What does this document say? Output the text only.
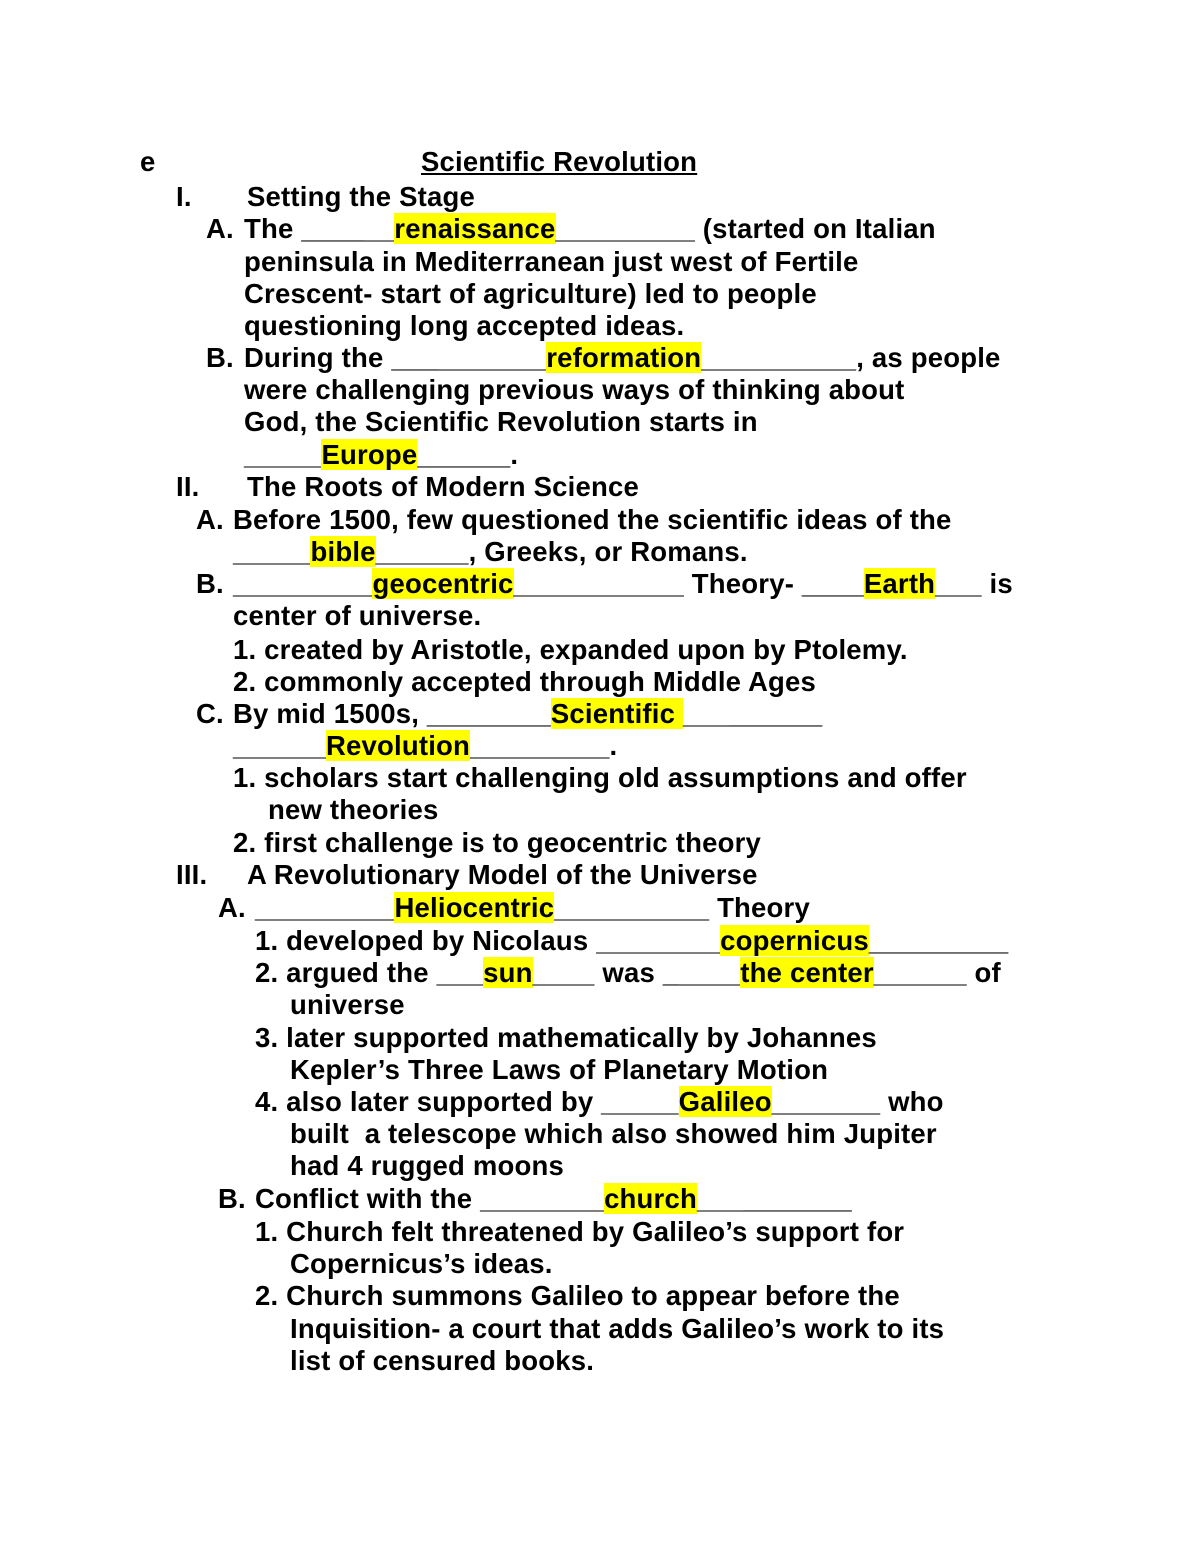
e	Scientific Revolution
I. Setting the Stage
A. The ______renaissance_________ (started on Italian
peninsula in Mediterranean just west of Fertile
Crescent- start of agriculture) led to people
questioning long accepted ideas.
B. During the __________reformation__________, as people
were challenging previous ways of thinking about
God, the Scientific Revolution starts in
_____Europe______.
II. The Roots of Modern Science
A. Before 1500, few questioned the scientific ideas of the
_____bible______, Greeks, or Romans.
B. _________geocentric___________ Theory- ____Earth___ is
center of universe.
1. created by Aristotle, expanded upon by Ptolemy.
2. commonly accepted through Middle Ages
C. By mid 1500s, ________Scientific _________
______Revolution_________.
1. scholars start challenging old assumptions and offer
new theories
2. first challenge is to geocentric theory
III. A Revolutionary Model of the Universe
A. _________Heliocentric__________ Theory
1. developed by Nicolaus ________copernicus_________
2. argued the ___sun____ was _____the center______ of
universe
3. later supported mathematically by Johannes
Kepler’s Three Laws of Planetary Motion
4. also later supported by _____Galileo_______ who
built  a telescope which also showed him Jupiter
had 4 rugged moons
B. Conflict with the ________church__________
1. Church felt threatened by Galileo’s support for
Copernicus’s ideas.
2. Church summons Galileo to appear before the
Inquisition- a court that adds Galileo’s work to its
list of censured books.
